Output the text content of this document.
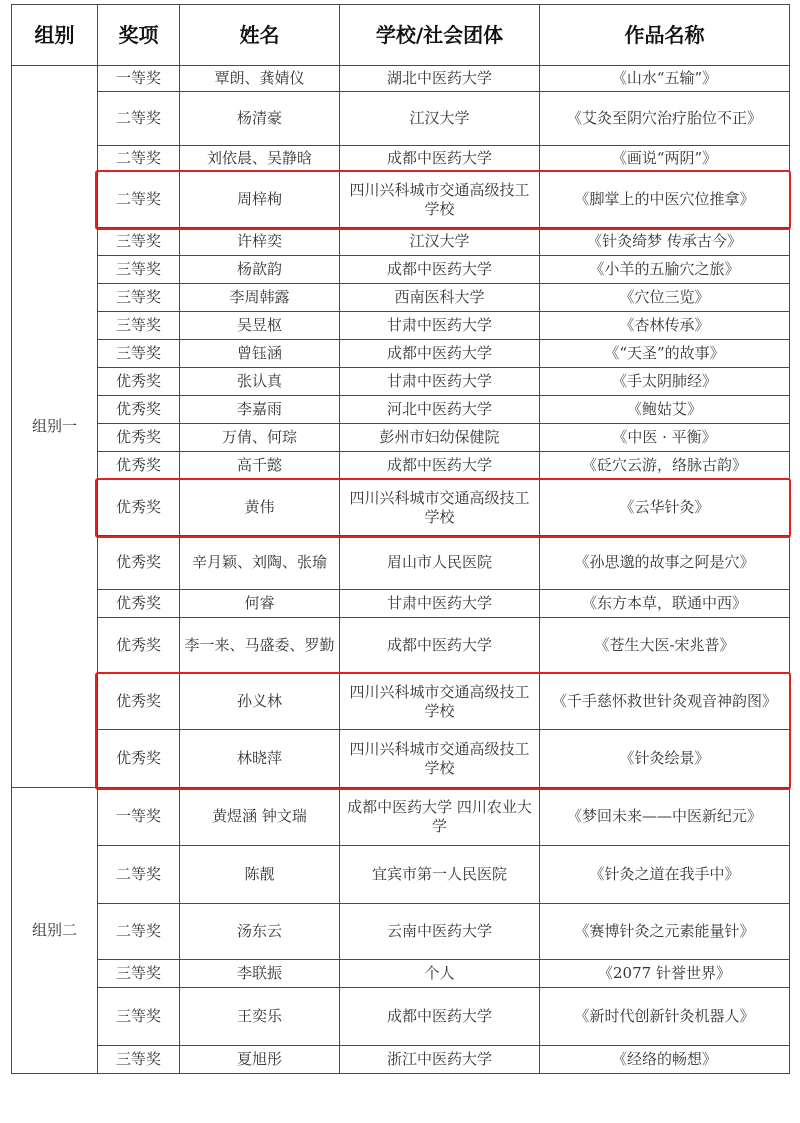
组别	奖项	姓名	学校/社会团体	作品名称
组别一	一等奖	覃朗、龚婧仪	湖北中医药大学	《山水“五输”》
	二等奖	杨清豪	江汉大学	《艾灸至阴穴治疗胎位不正》
	二等奖	刘依晨、吴静晗	成都中医药大学	《画说“两阴”》
	二等奖	周梓栒	四川兴科城市交通高级技工学校	《脚掌上的中医穴位推拿》
	三等奖	许梓奕	江汉大学	《针灸绮梦 传承古今》
	三等奖	杨歆韵	成都中医药大学	《小羊的五腧穴之旅》
	三等奖	李周韩露	西南医科大学	《穴位三览》
	三等奖	吴昱枢	甘肃中医药大学	《杏林传承》
	三等奖	曾钰涵	成都中医药大学	《“天圣”的故事》
	优秀奖	张认真	甘肃中医药大学	《手太阴肺经》
	优秀奖	李嘉雨	河北中医药大学	《鲍姑艾》
	优秀奖	万倩、何琮	彭州市妇幼保健院	《中医 · 平衡》
	优秀奖	高千懿	成都中医药大学	《砭穴云游，络脉古韵》
	优秀奖	黄伟	四川兴科城市交通高级技工学校	《云华针灸》
	优秀奖	辛月颖、刘陶、张瑜	眉山市人民医院	《孙思邈的故事之阿是穴》
	优秀奖	何睿	甘肃中医药大学	《东方本草，联通中西》
	优秀奖	李一来、马盛委、罗勤	成都中医药大学	《苍生大医-宋兆普》
	优秀奖	孙义林	四川兴科城市交通高级技工学校	《千手慈怀救世针灸观音神韵图》
	优秀奖	林晓萍	四川兴科城市交通高级技工学校	《针灸绘景》
组别二	一等奖	黄煜涵 钟文瑞	成都中医药大学 四川农业大学	《梦回未来——中医新纪元》
	二等奖	陈靓	宜宾市第一人民医院	《针灸之道在我手中》
	二等奖	汤东云	云南中医药大学	《赛博针灸之元素能量针》
	三等奖	李联振	个人	《2077 针誉世界》
	三等奖	王奕乐	成都中医药大学	《新时代创新针灸机器人》
	三等奖	夏旭彤	浙江中医药大学	《经络的畅想》
